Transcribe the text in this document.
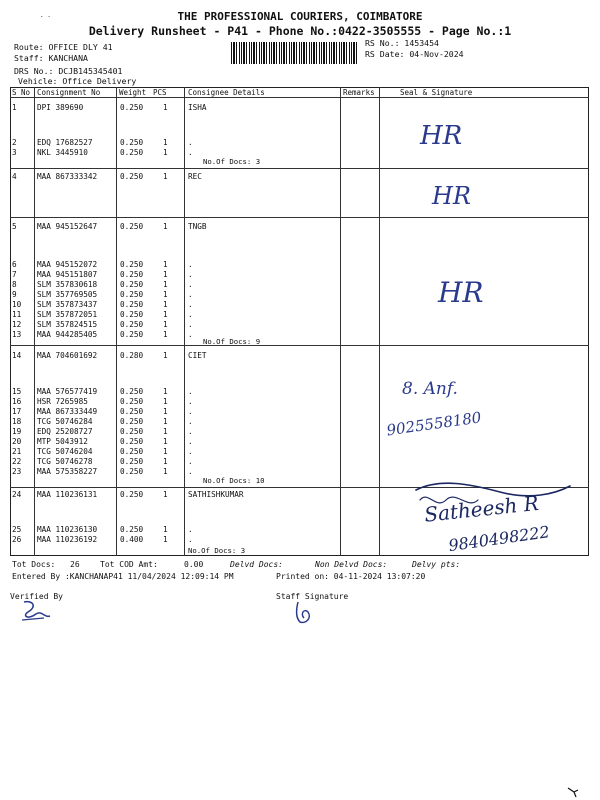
THE PROFESSIONAL COURIERS, COIMBATORE
Delivery Runsheet - P41 - Phone No.:0422-3505555 - Page No.:1
Route: OFFICE DLY 41
Staff: KANCHANA
DRS No.: DCJB145345401
Vehicle: Office Delivery
. .
RS No.: 1453454
RS Date: 04-Nov-2024
S No Consignment No	Weight PCS	Consignee Details	Remarks	Seal & Signature
1	DPI 389690	0.250	1	ISHA
2	EDQ 17682527	0.250	1	.
3	NKL 3445910	0.250	1	.
4	MAA 867333342	0.250	1	REC
5	MAA 945152647	0.250	1	TNGB
6	MAA 945152072	0.250	1	.
7	MAA 945151807	0.250	1	.
8	SLM 357830618	0.250	1	.
9	SLM 357769505	0.250	1	.
10 SLM 357873437	0.250	1	.
11 SLM 357872051	0.250	1	.
12 SLM 357824515	0.250	1	.
13 MAA 944285405	0.250	1	.
14 MAA 704601692	0.280	1	CIET
15 MAA 576577419	0.250	1	.
16 HSR 7265985	0.250	1	.
17 MAA 867333449	0.250	1	.
18 TCG 50746284	0.250	1	.
19 EDQ 25208727	0.250	1	.
20 MTP 5043912	0.250	1	.
21 TCG 50746204	0.250	1	.
22 TCG 50746278	0.250	1	.
23 MAA 575358227	0.250	1	.
24 MAA 110236131	0.250	1	SATHISHKUMAR
25 MAA 110236130	0.250	1	.
26 MAA 110236192	0.400	1	.
No.Of Docs: 3
No.Of Docs: 9
No.Of Docs: 10
No.Of Docs: 3
HR
HR
HR
8. Anf.
9025558180
Satheesh R
9840498222
Tot Docs: 26	Tot COD Amt:	0.00	Delvd Docs:	Non Delvd Docs:	Delvy pts:
Entered By :KANCHANAP41 11/04/2024 12:09:14 PM	Printed on: 04-11-2024 13:07:20
Verified By	Staff Signature
